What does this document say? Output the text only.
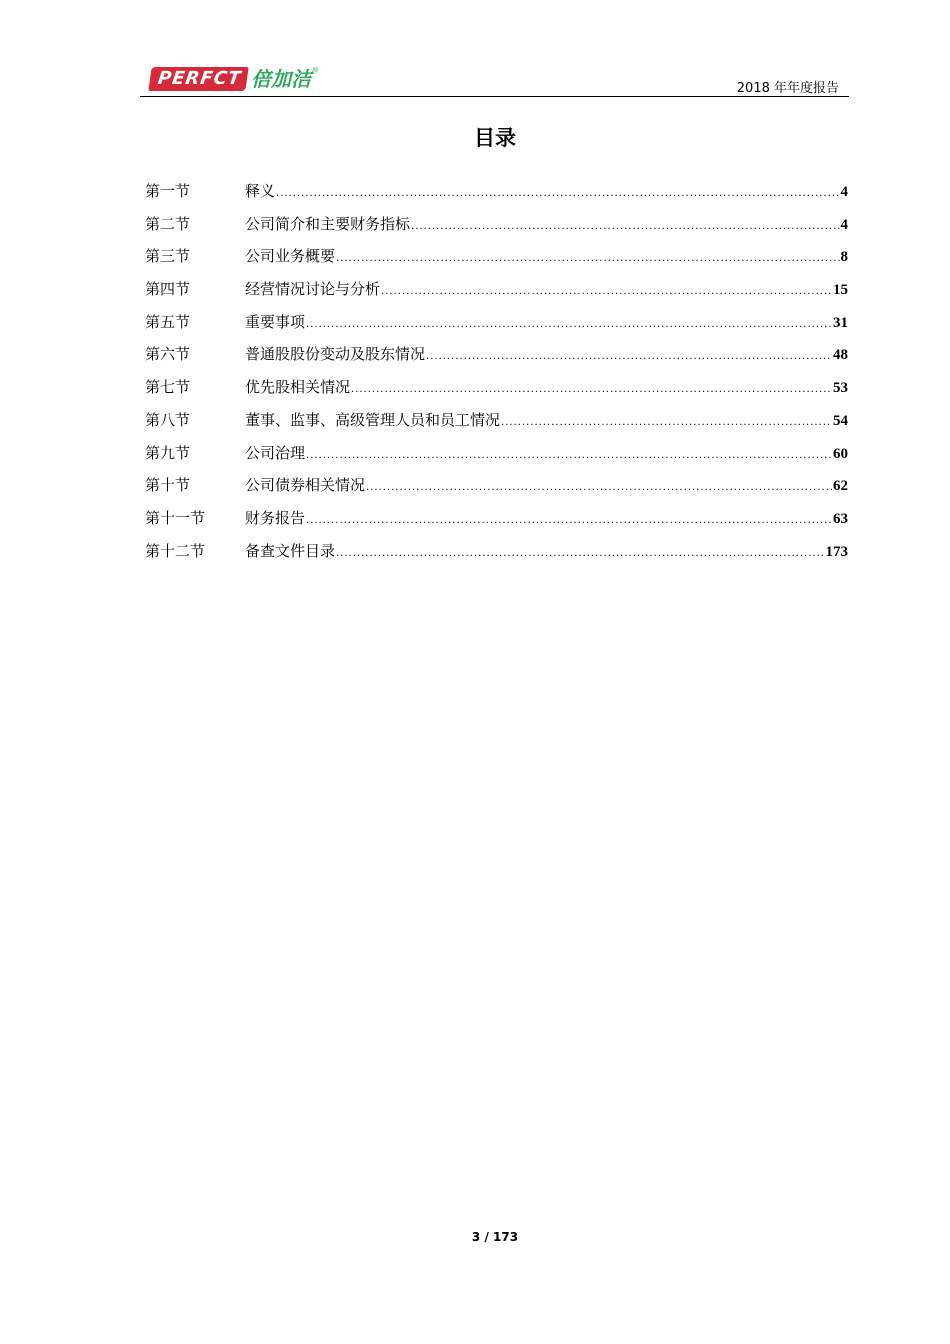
PERFCT 倍加洁 ®
2018 年年度报告
目录
第一节	释义 .....	4
第二节	公司简介和主要财务指标 .....	4
第三节	公司业务概要 .....	8
第四节	经营情况讨论与分析 .....	15
第五节	重要事项 .....	31
第六节	普通股股份变动及股东情况 .....	48
第七节	优先股相关情况 .....	53
第八节	董事、监事、高级管理人员和员工情况 .....	54
第九节	公司治理 .....	60
第十节	公司债券相关情况 .....	62
第十一节	财务报告 .....	63
第十二节	备查文件目录 .....	173
3 / 173
